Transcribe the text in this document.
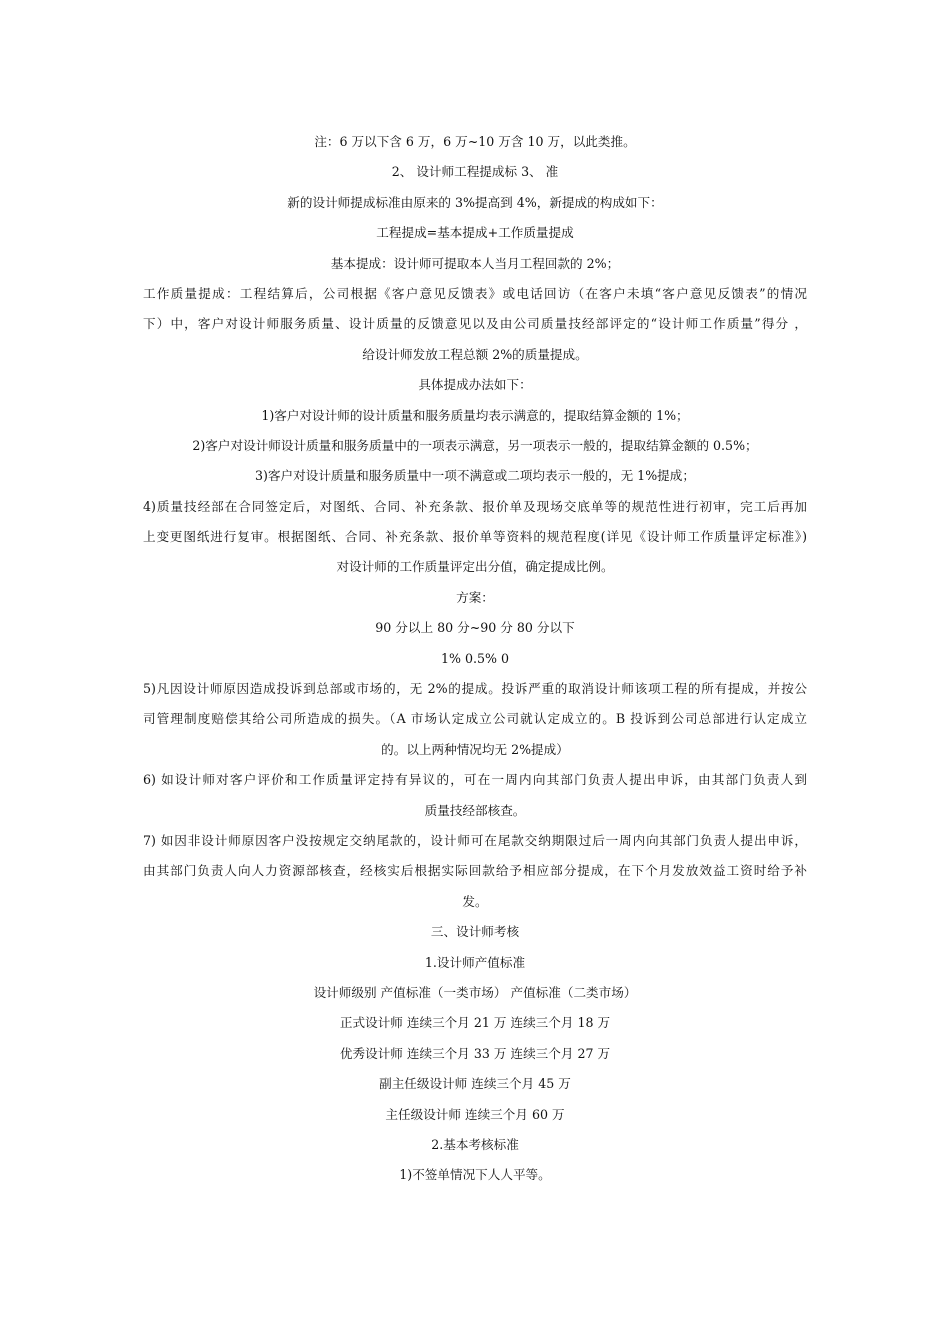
注：6 万以下含 6 万，6 万~10 万含 10 万，以此类推。
2、 设计师工程提成标 3、 准
新的设计师提成标准由原来的 3%提高到 4%，新提成的构成如下：
工程提成=基本提成+工作质量提成
基本提成：设计师可提取本人当月工程回款的 2%；
工作质量提成：工程结算后，公司根据《客户意见反馈表》或电话回访（在客户未填“客户意见反馈表”的情况
下）中，客户对设计师服务质量、设计质量的反馈意见以及由公司质量技经部评定的“设计师工作质量”得分 ，
给设计师发放工程总额 2%的质量提成。
具体提成办法如下：
1)客户对设计师的设计质量和服务质量均表示满意的，提取结算金额的 1%；
2)客户对设计师设计质量和服务质量中的一项表示满意，另一项表示一般的，提取结算金额的 0.5%；
3)客户对设计质量和服务质量中一项不满意或二项均表示一般的，无 1%提成；
4)质量技经部在合同签定后，对图纸、合同、补充条款、报价单及现场交底单等的规范性进行初审，完工后再加
上变更图纸进行复审。根据图纸、合同、补充条款、报价单等资料的规范程度(详见《设计师工作质量评定标准》)
对设计师的工作质量评定出分值，确定提成比例。
方案：
90 分以上 80 分~90 分 80 分以下
1% 0.5% 0
5)凡因设计师原因造成投诉到总部或市场的，无 2%的提成。投诉严重的取消设计师该项工程的所有提成，并按公
司管理制度赔偿其给公司所造成的损失。（A 市场认定成立公司就认定成立的。B 投诉到公司总部进行认定成立
的。以上两种情况均无 2%提成）
6) 如设计师对客户评价和工作质量评定持有异议的，可在一周内向其部门负责人提出申诉，由其部门负责人到
质量技经部核查。
7) 如因非设计师原因客户没按规定交纳尾款的，设计师可在尾款交纳期限过后一周内向其部门负责人提出申诉，
由其部门负责人向人力资源部核查，经核实后根据实际回款给予相应部分提成，在下个月发放效益工资时给予补
发。
三、设计师考核
1.设计师产值标准
设计师级别 产值标准（一类市场） 产值标准（二类市场）
正式设计师 连续三个月 21 万 连续三个月 18 万
优秀设计师 连续三个月 33 万 连续三个月 27 万
副主任级设计师 连续三个月 45 万
主任级设计师 连续三个月 60 万
2.基本考核标准
1)不签单情况下人人平等。
